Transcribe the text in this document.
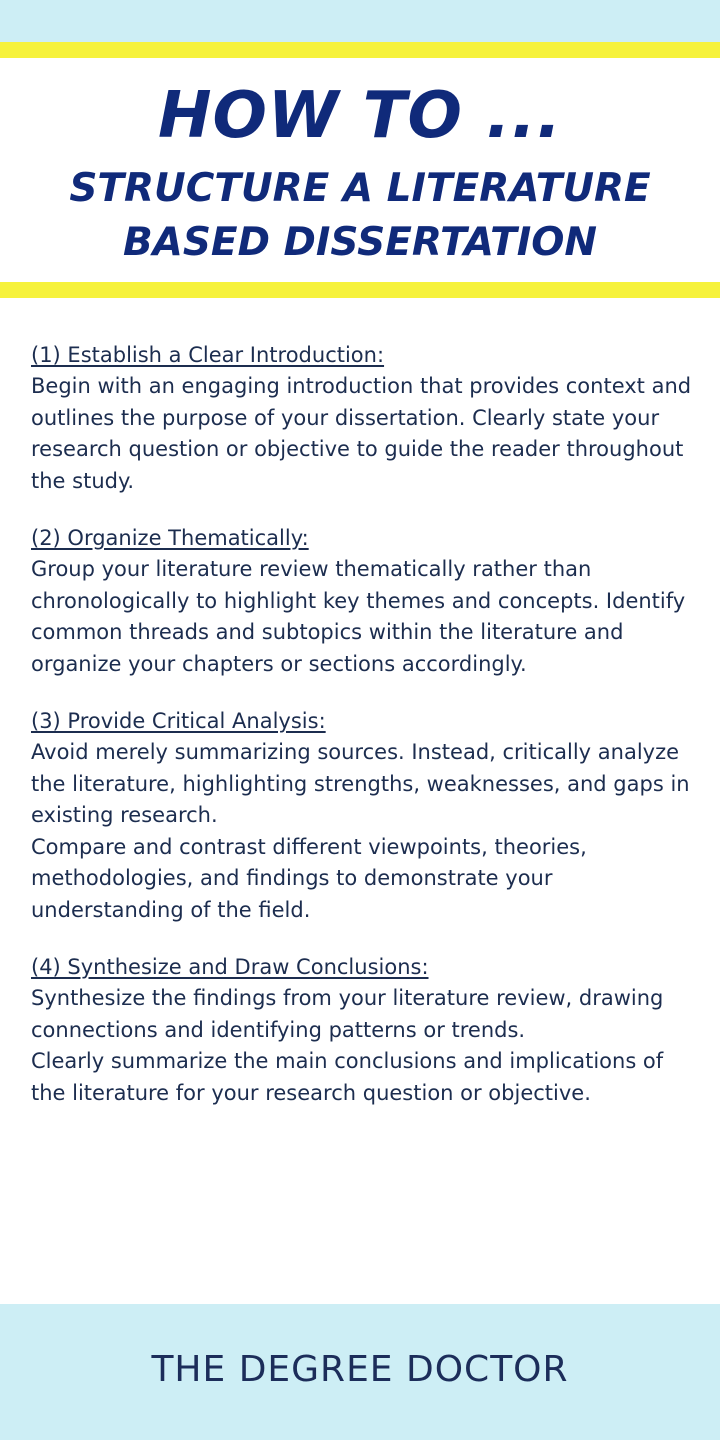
HOW TO ...
STRUCTURE A LITERATURE
BASED DISSERTATION
(1) Establish a Clear Introduction:

Begin with an engaging introduction that provides context and outlines the purpose of your dissertation. Clearly state your research question or objective to guide the reader throughout the study.

(2) Organize Thematically:

Group your literature review thematically rather than chronologically to highlight key themes and concepts. Identify common threads and subtopics within the literature and organize your chapters or sections accordingly.

(3) Provide Critical Analysis:

Avoid merely summarizing sources. Instead, critically analyze the literature, highlighting strengths, weaknesses, and gaps in existing research.

Compare and contrast different viewpoints, theories, methodologies, and findings to demonstrate your understanding of the field.

(4) Synthesize and Draw Conclusions:

Synthesize the findings from your literature review, drawing connections and identifying patterns or trends.

Clearly summarize the main conclusions and implications of the literature for your research question or objective.

THE DEGREE DOCTOR
